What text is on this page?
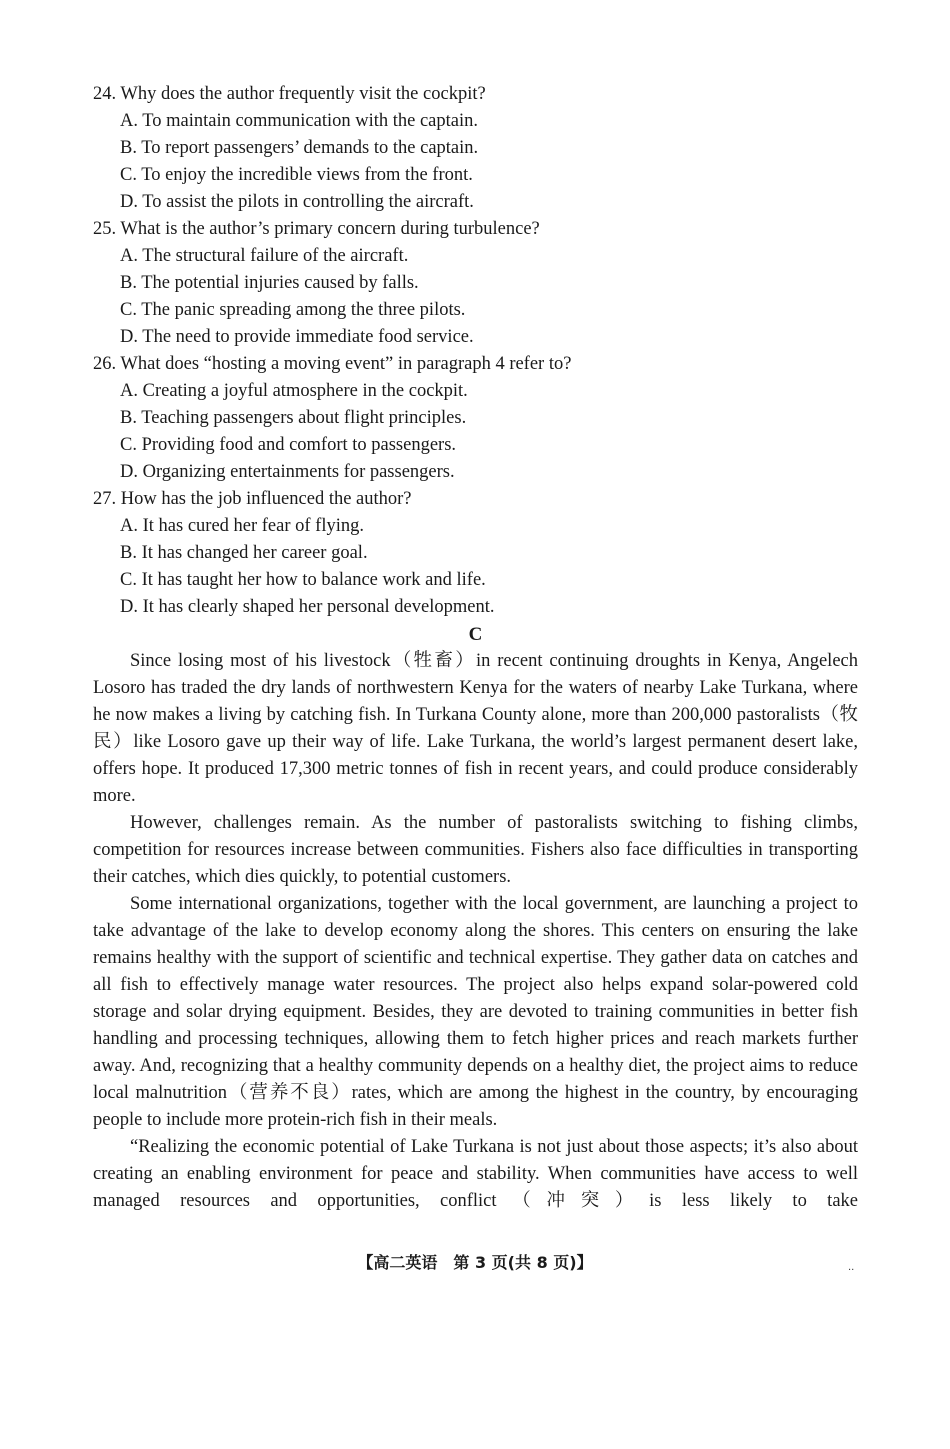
24. Why does the author frequently visit the cockpit?
A. To maintain communication with the captain.
B. To report passengers’ demands to the captain.
C. To enjoy the incredible views from the front.
D. To assist the pilots in controlling the aircraft.
25. What is the author’s primary concern during turbulence?
A. The structural failure of the aircraft.
B. The potential injuries caused by falls.
C. The panic spreading among the three pilots.
D. The need to provide immediate food service.
26. What does “hosting a moving event” in paragraph 4 refer to?
A. Creating a joyful atmosphere in the cockpit.
B. Teaching passengers about flight principles.
C. Providing food and comfort to passengers.
D. Organizing entertainments for passengers.
27. How has the job influenced the author?
A. It has cured her fear of flying.
B. It has changed her career goal.
C. It has taught her how to balance work and life.
D. It has clearly shaped her personal development.
C

Since losing most of his livestock（牲畜）in recent continuing droughts in Kenya, Angelech Losoro has traded the dry lands of northwestern Kenya for the waters of nearby Lake Turkana, where he now makes a living by catching fish. In Turkana County alone, more than 200,000 pastoralists（牧民）like Losoro gave up their way of life. Lake Turkana, the world’s largest permanent desert lake, offers hope. It produced 17,300 metric tonnes of fish in recent years, and could produce considerably more.

However, challenges remain. As the number of pastoralists switching to fishing climbs, competition for resources increase between communities. Fishers also face difficulties in transporting their catches, which dies quickly, to potential customers.

Some international organizations, together with the local government, are launching a project to take advantage of the lake to develop economy along the shores. This centers on ensuring the lake remains healthy with the support of scientific and technical expertise. They gather data on catches and all fish to effectively manage water resources. The project also helps expand solar-powered cold storage and solar drying equipment. Besides, they are devoted to training communities in better fish handling and processing techniques, allowing them to fetch higher prices and reach markets further away. And, recognizing that a healthy community depends on a healthy diet, the project aims to reduce local malnutrition（营养不良）rates, which are among the highest in the country, by encouraging people to include more protein-rich fish in their meals.

“Realizing the economic potential of Lake Turkana is not just about those aspects; it’s also about creating an enabling environment for peace and stability. When communities have access to well managed resources and opportunities, conflict（冲突）is less likely to take

【高二英语　第 3 页(共 8 页)】	..
